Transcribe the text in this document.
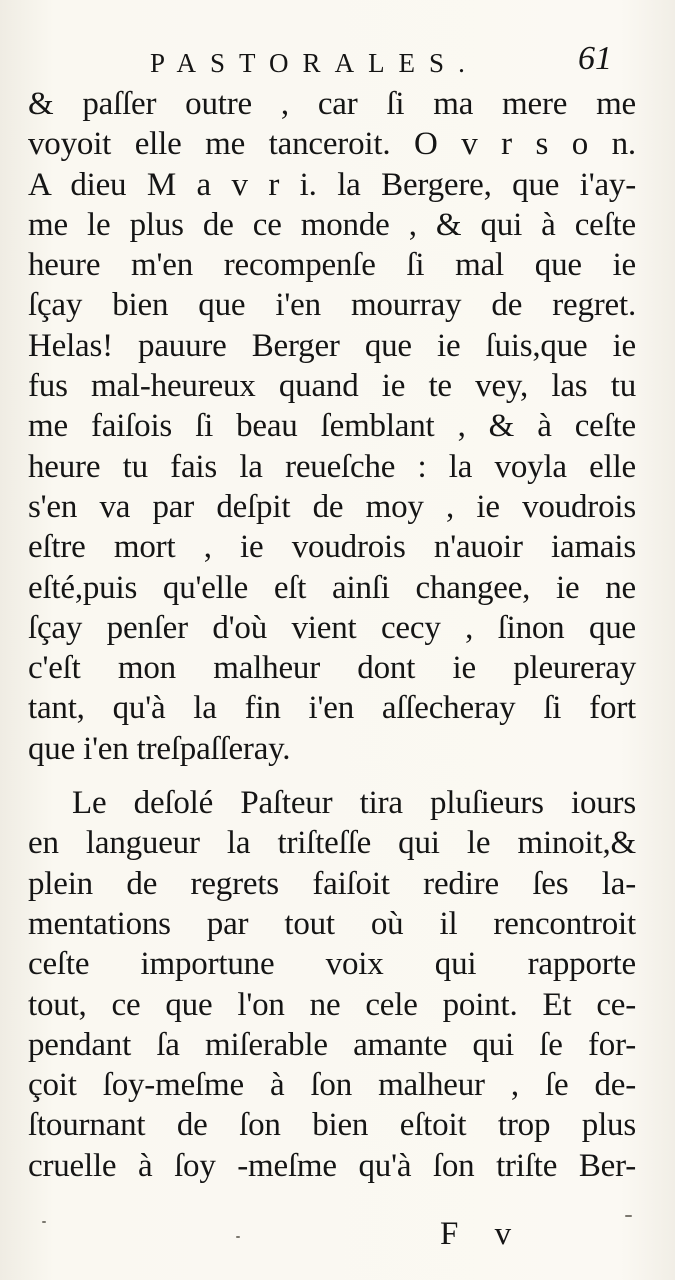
PASTORALES.	61
& paſſer outre , car ſi ma mere me
voyoit elle me tanceroit. O v r s o n.
A dieu M a v r i. la Bergere, que i'ay-
me le plus de ce monde , & qui à ceſte
heure m'en recompenſe ſi mal que ie
ſçay bien que i'en mourray de regret.
Helas! pauure Berger que ie ſuis,que ie
fus mal-heureux quand ie te vey, las tu
me faiſois ſi beau ſemblant , & à ceſte
heure tu fais la reueſche : la voyla elle
s'en va par deſpit de moy , ie voudrois
eſtre mort , ie voudrois n'auoir iamais
eſté,puis qu'elle eſt ainſi changee, ie ne
ſçay penſer d'où vient cecy , ſinon que
c'eſt mon malheur dont ie pleureray
tant, qu'à la fin i'en aſſecheray ſi fort
que i'en treſpaſſeray.
Le deſolé Paſteur tira pluſieurs iours
en langueur la triſteſſe qui le minoit,&
plein de regrets faiſoit redire ſes la-
mentations par tout où il rencontroit
ceſte importune voix qui rapporte
tout, ce que l'on ne cele point. Et ce-
pendant ſa miſerable amante qui ſe for-
çoit ſoy-meſme à ſon malheur , ſe de-
ſtournant de ſon bien eſtoit trop plus
cruelle à ſoy -meſme qu'à ſon triſte Ber-
F v
